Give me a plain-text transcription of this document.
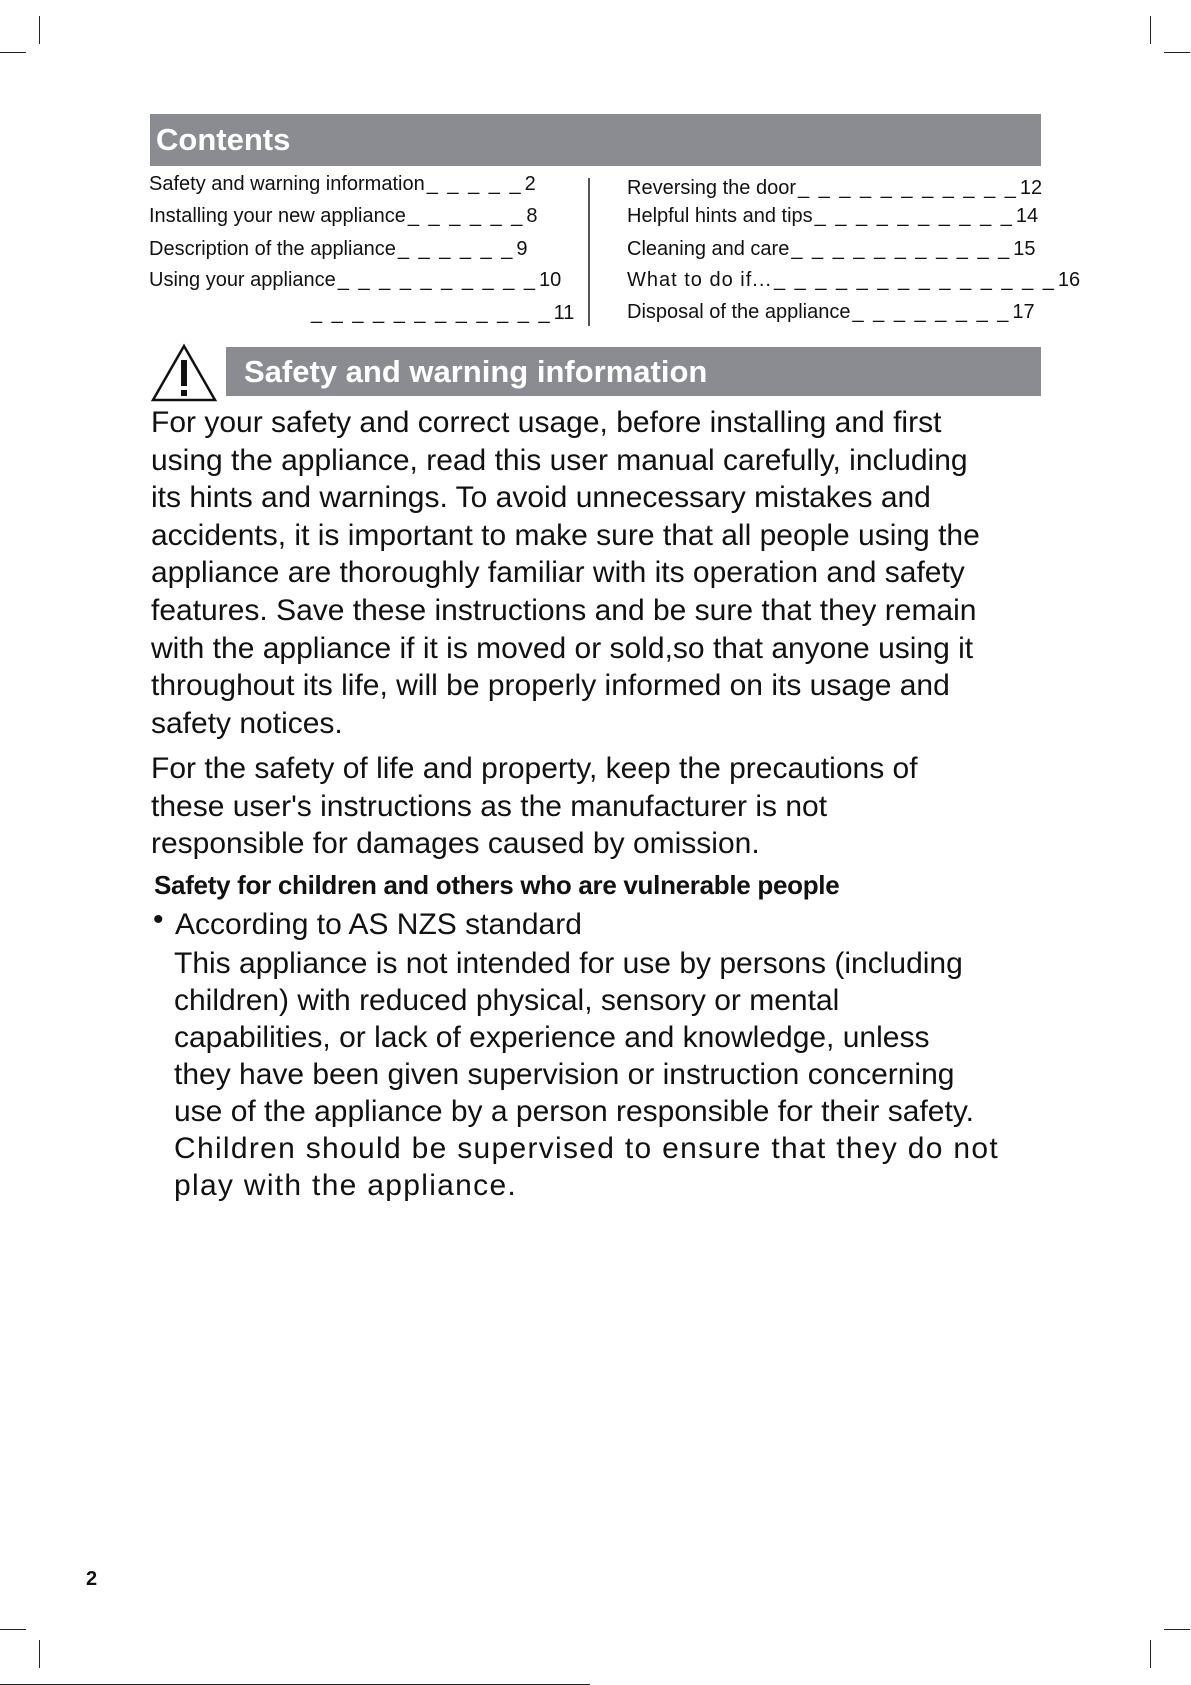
Contents
Safety and warning information _ _ _ _ _ 2
Installing your new appliance _ _ _ _ _ _ 8
Description of the appliance _ _ _ _ _ _ 9
Using your appliance _ _ _ _ _ _ _ _ _ _ 10
_ _ _ _ _ _ _ _ _ _ _ _ 11
Reversing the door _ _ _ _ _ _ _ _ _ _ _ 12
Helpful hints and tips _ _ _ _ _ _ _ _ _ _ 14
Cleaning and care _ _ _ _ _ _ _ _ _ _ _ 15
What to do if... _ _ _ _ _ _ _ _ _ _ _ _ _ _ 16
Disposal of the appliance _ _ _ _ _ _ _ _ 17
Safety and warning information

For your safety and correct usage, before installing and first

using the appliance, read this user manual carefully, including

its hints and warnings. To avoid unnecessary mistakes and

accidents, it is important to make sure that all people using the

appliance are thoroughly familiar with its operation and safety

features. Save these instructions and be sure that they remain

with the appliance if it is moved or sold,so that anyone using it

throughout its life, will be properly informed on its usage and

safety notices.

For the safety of life and property, keep the precautions of

these user's instructions as the manufacturer is not

responsible for damages caused by omission.

Safety for children and others who are vulnerable people
• According to AS NZS standard

This appliance is not intended for use by persons (including

children) with reduced physical, sensory or mental

capabilities, or lack of experience and knowledge, unless

they have been given supervision or instruction concerning

use of the appliance by a person responsible for their safety.

Children should be supervised to ensure that they do not

play with the appliance.

2
